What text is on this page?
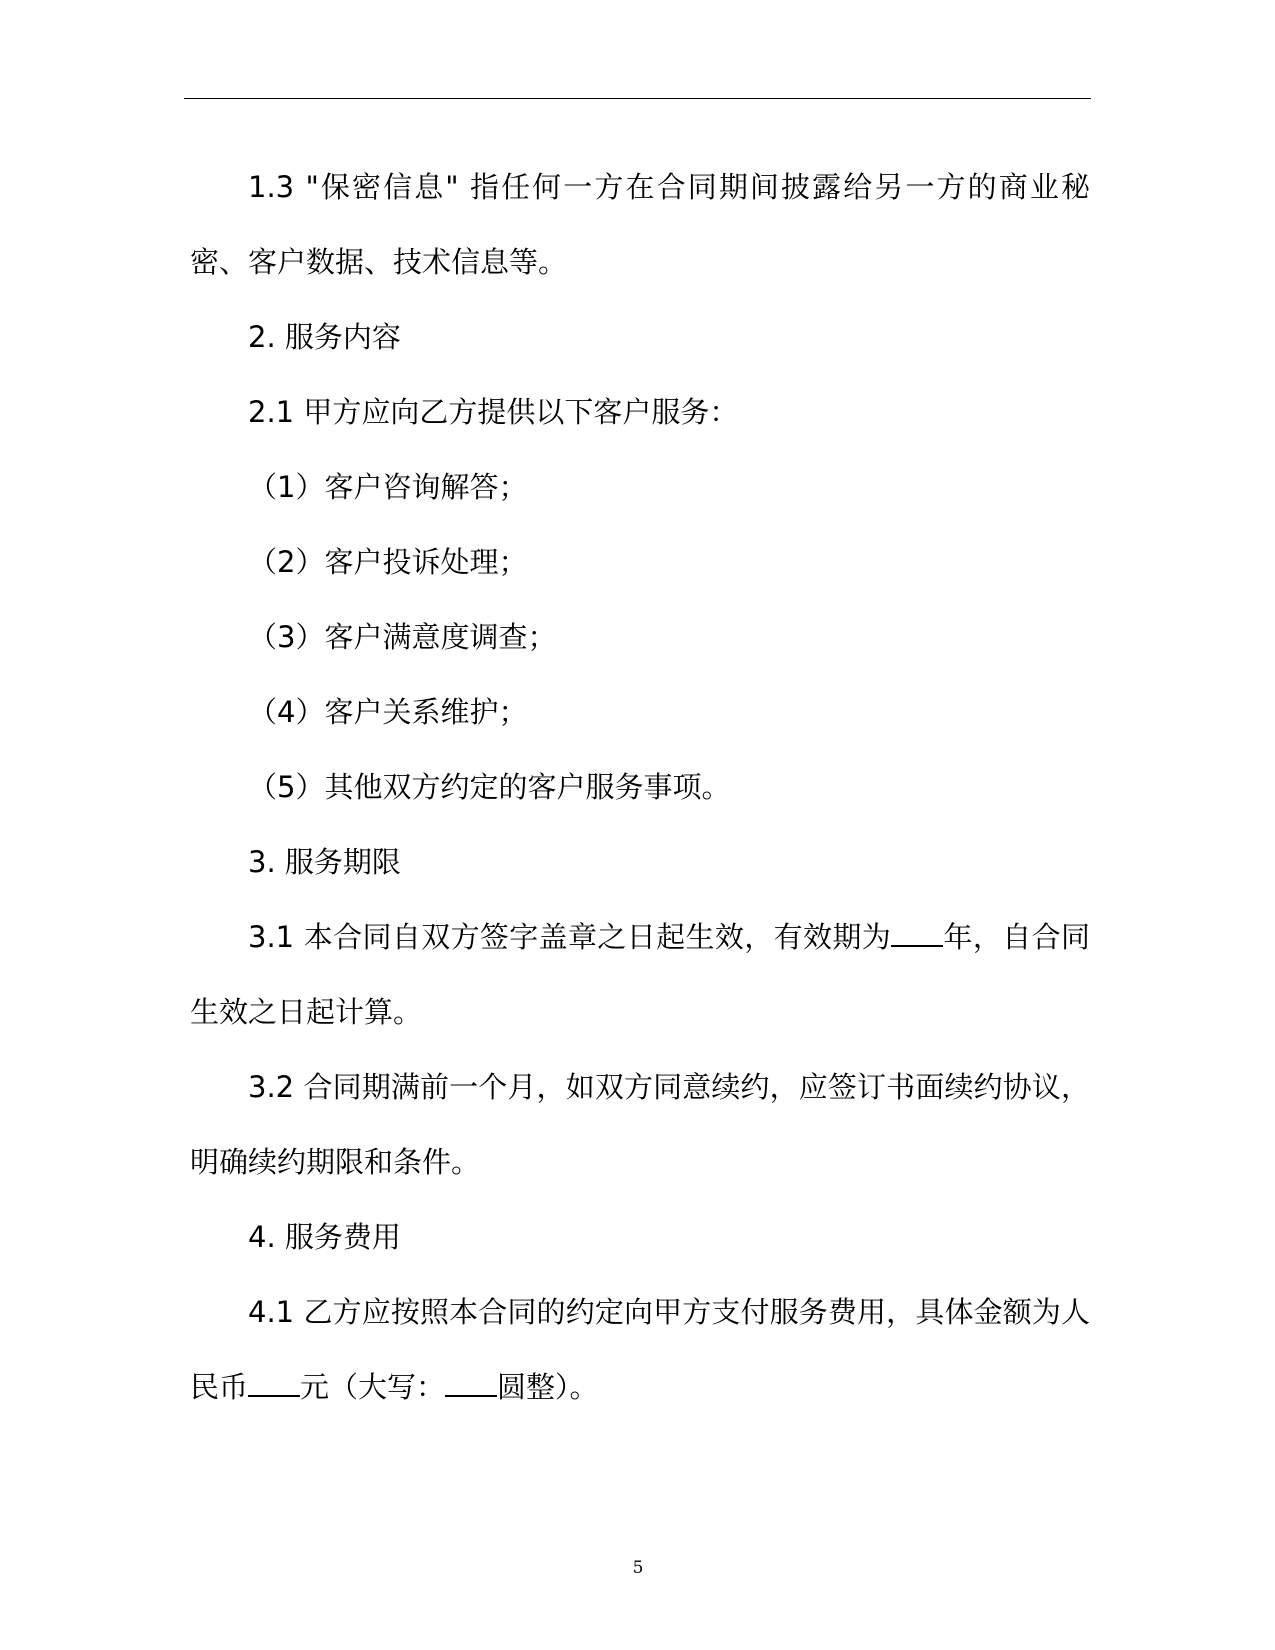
1.3 "保密信息" 指任何一方在合同期间披露给另一方的商业秘密、客户数据、技术信息等。

2. 服务内容

2.1 甲方应向乙方提供以下客户服务：

（1）客户咨询解答；

（2）客户投诉处理；

（3）客户满意度调查；

（4）客户关系维护；

（5）其他双方约定的客户服务事项。

3. 服务期限

3.1 本合同自双方签字盖章之日起生效，有效期为 年，自合同生效之日起计算。

3.2 合同期满前一个月，如双方同意续约，应签订书面续约协议，明确续约期限和条件。

4. 服务费用

4.1 乙方应按照本合同的约定向甲方支付服务费用，具体金额为人民币 元（大写： 圆整）。

5
